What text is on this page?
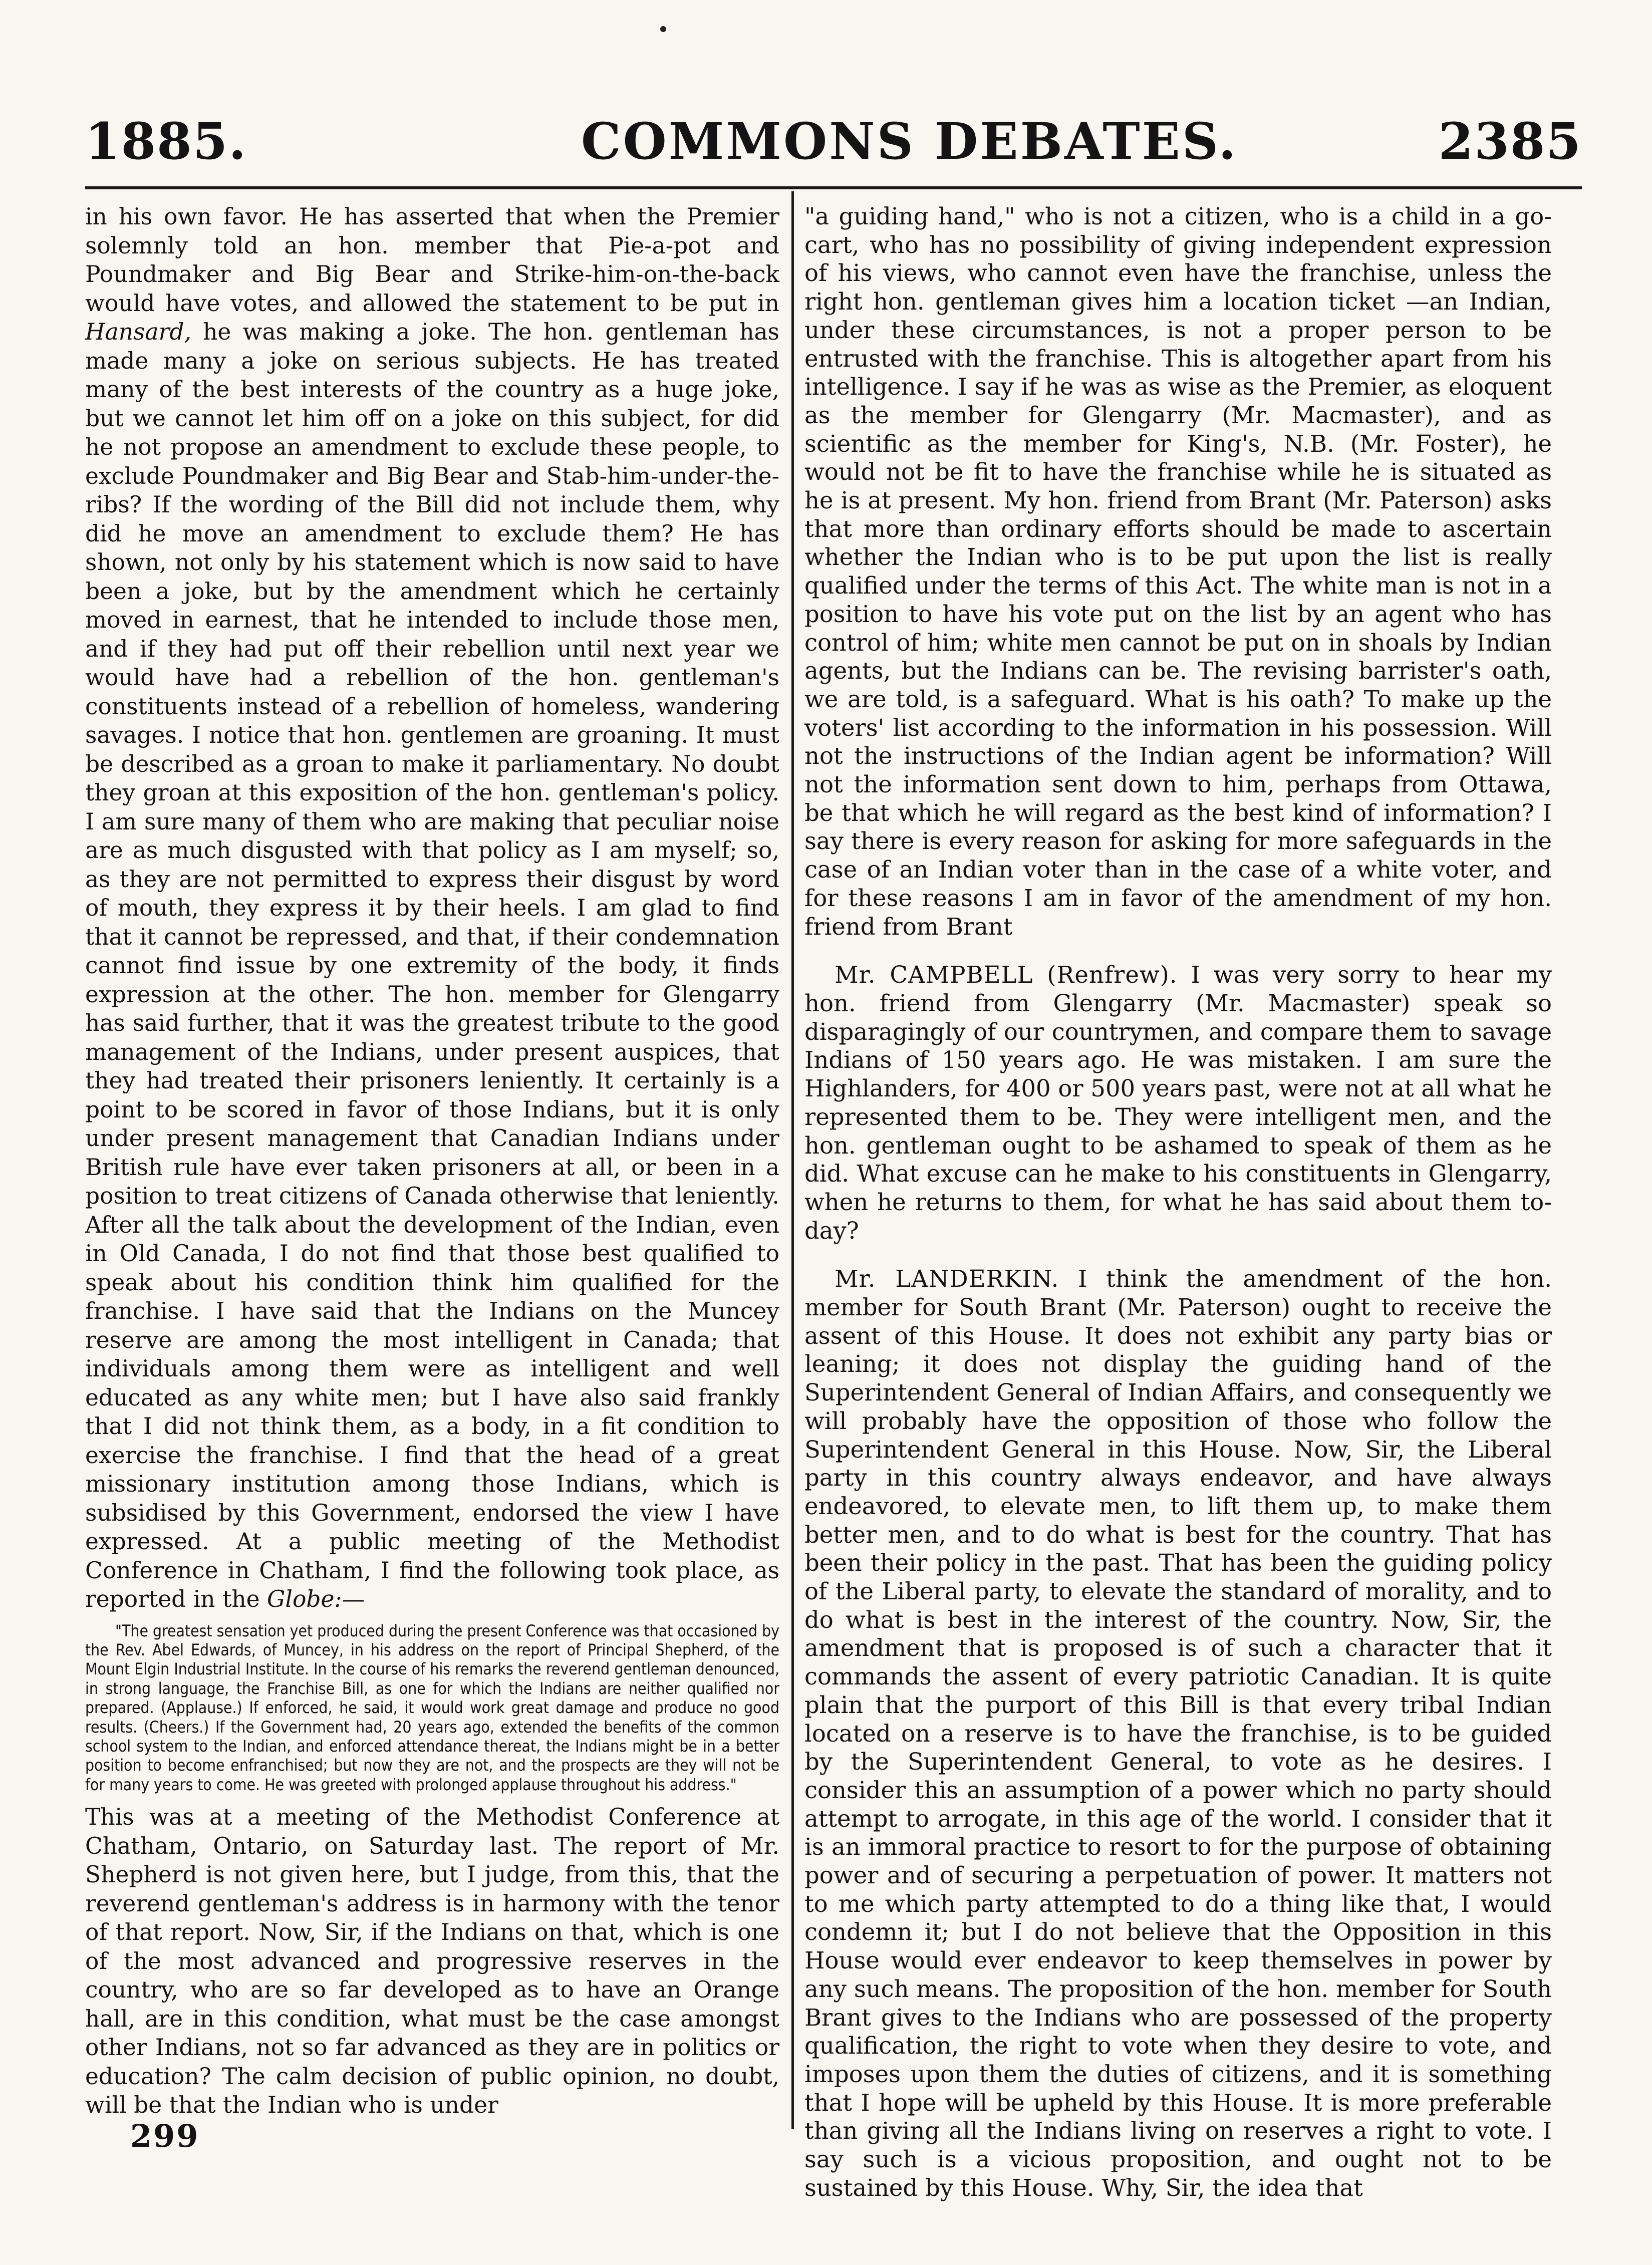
1885.	COMMONS DEBATES.	2385

in his own favor. He has asserted that when the Premier solemnly told an hon. member that Pie-a-pot and Poundmaker and Big Bear and Strike-him-on-the-back would have votes, and allowed the statement to be put in Hansard, he was making a joke. The hon. gentleman has made many a joke on serious subjects. He has treated many of the best interests of the country as a huge joke, but we cannot let him off on a joke on this subject, for did he not propose an amendment to exclude these people, to exclude Poundmaker and Big Bear and Stab-him-under-the-ribs? If the wording of the Bill did not include them, why did he move an amendment to exclude them? He has shown, not only by his statement which is now said to have been a joke, but by the amendment which he certainly moved in earnest, that he intended to include those men, and if they had put off their rebellion until next year we would have had a rebellion of the hon. gentleman's constituents instead of a rebellion of homeless, wandering savages. I notice that hon. gentlemen are groaning. It must be described as a groan to make it parliamentary. No doubt they groan at this exposition of the hon. gentleman's policy. I am sure many of them who are making that peculiar noise are as much disgusted with that policy as I am myself; so, as they are not permitted to express their disgust by word of mouth, they express it by their heels. I am glad to find that it cannot be repressed, and that, if their condemnation cannot find issue by one extremity of the body, it finds expression at the other. The hon. member for Glengarry has said further, that it was the greatest tribute to the good management of the Indians, under present auspices, that they had treated their prisoners leniently. It certainly is a point to be scored in favor of those Indians, but it is only under present management that Canadian Indians under British rule have ever taken prisoners at all, or been in a position to treat citizens of Canada otherwise that leniently. After all the talk about the development of the Indian, even in Old Canada, I do not find that those best qualified to speak about his condition think him qualified for the franchise. I have said that the Indians on the Muncey reserve are among the most intelligent in Canada; that individuals among them were as intelligent and well educated as any white men; but I have also said frankly that I did not think them, as a body, in a fit condition to exercise the franchise. I find that the head of a great missionary institution among those Indians, which is subsidised by this Government, endorsed the view I have expressed. At a public meeting of the Methodist Conference in Chatham, I find the following took place, as reported in the Globe:—

"The greatest sensation yet produced during the present Conference was that occasioned by the Rev. Abel Edwards, of Muncey, in his address on the report of Principal Shepherd, of the Mount Elgin Industrial Institute. In the course of his remarks the reverend gentleman denounced, in strong language, the Franchise Bill, as one for which the Indians are neither qualified nor prepared. (Applause.) If enforced, he said, it would work great damage and produce no good results. (Cheers.) If the Government had, 20 years ago, extended the benefits of the common school system to the Indian, and enforced attendance thereat, the Indians might be in a better position to become enfranchised; but now they are not, and the prospects are they will not be for many years to come. He was greeted with prolonged applause throughout his address."

This was at a meeting of the Methodist Conference at Chatham, Ontario, on Saturday last. The report of Mr. Shepherd is not given here, but I judge, from this, that the reverend gentleman's address is in harmony with the tenor of that report. Now, Sir, if the Indians on that, which is one of the most advanced and progressive reserves in the country, who are so far developed as to have an Orange hall, are in this condition, what must be the case amongst other Indians, not so far advanced as they are in politics or education? The calm decision of public opinion, no doubt, will be that the Indian who is under

"a guiding hand," who is not a citizen, who is a child in a go-cart, who has no possibility of giving independent expression of his views, who cannot even have the franchise, unless the right hon. gentleman gives him a location ticket —an Indian, under these circumstances, is not a proper person to be entrusted with the franchise. This is altogether apart from his intelligence. I say if he was as wise as the Premier, as eloquent as the member for Glengarry (Mr. Macmaster), and as scientific as the member for King's, N.B. (Mr. Foster), he would not be fit to have the franchise while he is situated as he is at present. My hon. friend from Brant (Mr. Paterson) asks that more than ordinary efforts should be made to ascertain whether the Indian who is to be put upon the list is really qualified under the terms of this Act. The white man is not in a position to have his vote put on the list by an agent who has control of him; white men cannot be put on in shoals by Indian agents, but the Indians can be. The revising barrister's oath, we are told, is a safeguard. What is his oath? To make up the voters' list according to the information in his possession. Will not the instructions of the Indian agent be information? Will not the information sent down to him, perhaps from Ottawa, be that which he will regard as the best kind of information? I say there is every reason for asking for more safeguards in the case of an Indian voter than in the case of a white voter, and for these reasons I am in favor of the amendment of my hon. friend from Brant

Mr. CAMPBELL (Renfrew). I was very sorry to hear my hon. friend from Glengarry (Mr. Macmaster) speak so disparagingly of our countrymen, and compare them to savage Indians of 150 years ago. He was mistaken. I am sure the Highlanders, for 400 or 500 years past, were not at all what he represented them to be. They were intelligent men, and the hon. gentleman ought to be ashamed to speak of them as he did. What excuse can he make to his constituents in Glengarry, when he returns to them, for what he has said about them to-day?

Mr. LANDERKIN. I think the amendment of the hon. member for South Brant (Mr. Paterson) ought to receive the assent of this House. It does not exhibit any party bias or leaning; it does not display the guiding hand of the Superintendent General of Indian Affairs, and consequently we will probably have the opposition of those who follow the Superintendent General in this House. Now, Sir, the Liberal party in this country always endeavor, and have always endeavored, to elevate men, to lift them up, to make them better men, and to do what is best for the country. That has been their policy in the past. That has been the guiding policy of the Liberal party, to elevate the standard of morality, and to do what is best in the interest of the country. Now, Sir, the amendment that is proposed is of such a character that it commands the assent of every patriotic Canadian. It is quite plain that the purport of this Bill is that every tribal Indian located on a reserve is to have the franchise, is to be guided by the Superintendent General, to vote as he desires. I consider this an assumption of a power which no party should attempt to arrogate, in this age of the world. I consider that it is an immoral practice to resort to for the purpose of obtaining power and of securing a perpetuation of power. It matters not to me which party attempted to do a thing like that, I would condemn it; but I do not believe that the Opposition in this House would ever endeavor to keep themselves in power by any such means. The proposition of the hon. member for South Brant gives to the Indians who are possessed of the property qualification, the right to vote when they desire to vote, and imposes upon them the duties of citizens, and it is something that I hope will be upheld by this House. It is more preferable than giving all the Indians living on reserves a right to vote. I say such is a vicious proposition, and ought not to be sustained by this House. Why, Sir, the idea that

299
